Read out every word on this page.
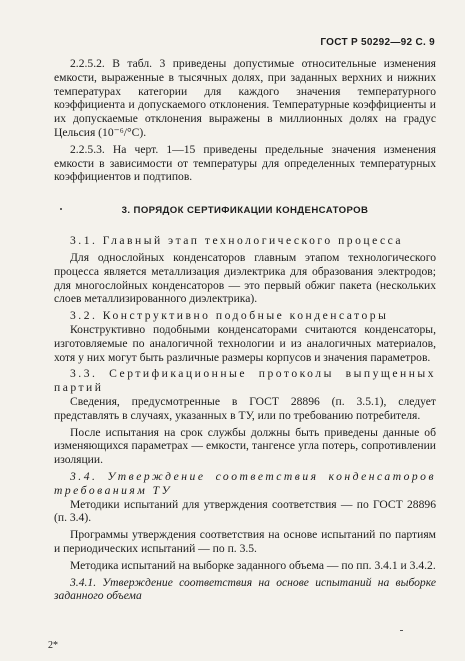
ГОСТ Р 50292—92 С. 9

2.2.5.2. В табл. 3 приведены допустимые относительные изменения емкости, выраженные в тысячных долях, при заданных верхних и нижних температурах категории для каждого значения температурного коэффициента и допускаемого отклонения. Температурные коэффициенты и их допускаемые отклонения выражены в миллионных долях на градус Цельсия (10⁻⁶/°C).

2.2.5.3. На черт. 1—15 приведены предельные значения изменения емкости в зависимости от температуры для определенных температурных коэффициентов и подтипов.

3. ПОРЯДОК СЕРТИФИКАЦИИ КОНДЕНСАТОРОВ

3.1. Главный этап технологического процесса

Для однослойных конденсаторов главным этапом технологического процесса является металлизация диэлектрика для образования электродов; для многослойных конденсаторов — это первый обжиг пакета (нескольких слоев металлизированного диэлектрика).

3.2. Конструктивно подобные конденсаторы

Конструктивно подобными конденсаторами считаются конденсаторы, изготовляемые по аналогичной технологии и из аналогичных материалов, хотя у них могут быть различные размеры корпусов и значения параметров.

3.3. Сертификационные протоколы выпущенных партий

Сведения, предусмотренные в ГОСТ 28896 (п. 3.5.1), следует представлять в случаях, указанных в ТУ, или по требованию потребителя.

После испытания на срок службы должны быть приведены данные об изменяющихся параметрах — емкости, тангенсе угла потерь, сопротивлении изоляции.

3.4. Утверждение соответствия конденсаторов требованиям ТУ

Методики испытаний для утверждения соответствия — по ГОСТ 28896 (п. 3.4).

Программы утверждения соответствия на основе испытаний по партиям и периодических испытаний — по п. 3.5.

Методика испытаний на выборке заданного объема — по пп. 3.4.1 и 3.4.2.

3.4.1. Утверждение соответствия на основе испытаний на выборке заданного объема

2*
